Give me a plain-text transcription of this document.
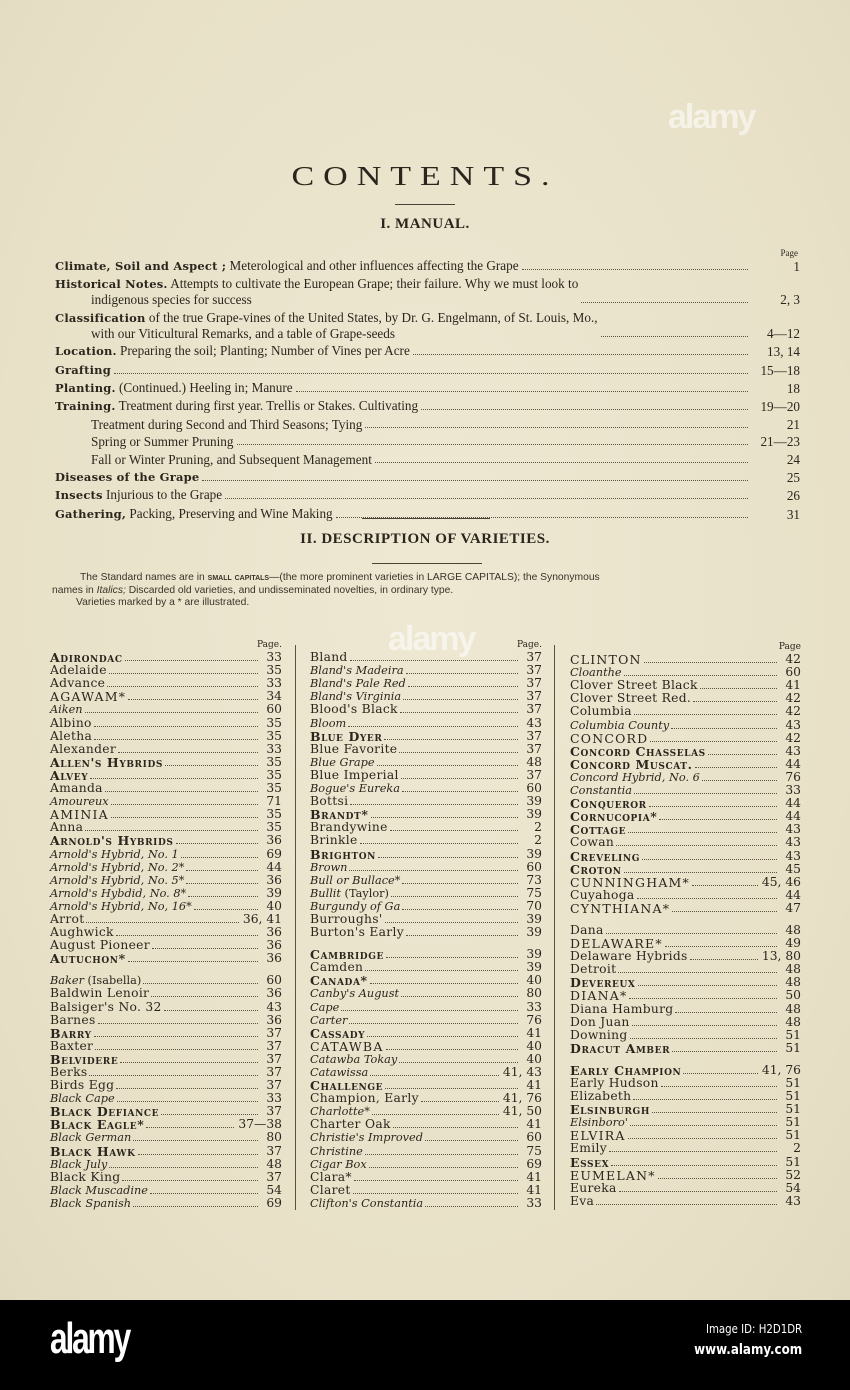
alamy
alamy
CONTENTS.
I. MANUAL.
Page
Climate, Soil and Aspect ; Meterological and other influences affecting the Grape	1
Historical Notes. Attempts to cultivate the European Grape; their failure. Why we must look to
indigenous species for success	2, 3
Classification of the true Grape-vines of the United States, by Dr. G. Engelmann, of St. Louis, Mo.,
with our Viticultural Remarks, and a table of Grape-seeds	4—12
Location. Preparing the soil; Planting; Number of Vines per Acre	13, 14
Grafting	15—18
Planting. (Continued.) Heeling in; Manure	18
Training. Treatment during first year. Trellis or Stakes. Cultivating	19—20
Treatment during Second and Third Seasons; Tying	21
Spring or Summer Pruning	21—23
Fall or Winter Pruning, and Subsequent Management	24
Diseases of the Grape	25
Insects Injurious to the Grape	26
Gathering, Packing, Preserving and Wine Making	31
II. DESCRIPTION OF VARIETIES.
The Standard names are in small capitals—(the more prominent varieties in LARGE CAPITALS); the Synonymous
names in Italics; Discarded old varieties, and undisseminated novelties, in ordinary type.
Varieties marked by a * are illustrated.
Page.
Adirondac	33
Adelaide	35
Advance	33
AGAWAM*	34
Aiken	60
Albino	35
Aletha	35
Alexander	33
Allen's Hybrids	35
Alvey	35
Amanda	35
Amoureux	71
AMINIA	35
Anna	35
Arnold's Hybrids	36
Arnold's Hybrid, No. 1	69
Arnold's Hybrid, No. 2*	44
Arnold's Hybrid, No. 5*	36
Arnold's Hybdid, No. 8*	39
Arnold's Hybrid, No, 16*	40
Arrot	36, 41
Aughwick	36
August Pioneer	36
Autuchon*	36
Baker (Isabella)	60
Baldwin Lenoir	36
Balsiger's No. 32	43
Barnes	36
Barry	37
Baxter	37
Belvidere	37
Berks	37
Birds Egg	37
Black Cape	33
Black Defiance	37
Black Eagle*	37—38
Black German	80
Black Hawk	37
Black July	48
Black King	37
Black Muscadine	54
Black Spanish	69
Page.
Bland	37
Bland's Madeira	37
Bland's Pale Red	37
Bland's Virginia	37
Blood's Black	37
Bloom	43
Blue Dyer	37
Blue Favorite	37
Blue Grape	48
Blue Imperial	37
Bogue's Eureka	60
Bottsi	39
Brandt*	39
Brandywine	2
Brinkle	2
Brighton	39
Brown	60
Bull or Bullace*	73
Bullit (Taylor)	75
Burgundy of Ga	70
Burroughs'	39
Burton's Early	39
Cambridge	39
Camden	39
Canada*	40
Canby's August	80
Cape	33
Carter	76
Cassady	41
CATAWBA	40
Catawba Tokay	40
Catawissa	41, 43
Challenge	41
Champion, Early	41, 76
Charlotte*	41, 50
Charter Oak	41
Christie's Improved	60
Christine	75
Cigar Box	69
Clara*	41
Claret	41
Clifton's Constantia	33
Page
CLINTON	42
Cloanthe	60
Clover Street Black	41
Clover Street Red.	42
Columbia	42
Columbia County	43
CONCORD	42
Concord Chasselas	43
Concord Muscat.	44
Concord Hybrid, No. 6	76
Constantia	33
Conqueror	44
Cornucopia*	44
Cottage	43
Cowan	43
Creveling	43
Croton	45
CUNNINGHAM*	45, 46
Cuyahoga	44
CYNTHIANA*	47
Dana	48
DELAWARE*	49
Delaware Hybrids	13, 80
Detroit	48
Devereux	48
DIANA*	50
Diana Hamburg	48
Don Juan	48
Downing	51
Dracut Amber	51
Early Champion	41, 76
Early Hudson	51
Elizabeth	51
Elsinburgh	51
Elsinboro'	51
ELVIRA	51
Emily	2
Essex	51
EUMELAN*	52
Eureka	54
Eva	43
alamy	Image ID: H2D1DR
www.alamy.com
